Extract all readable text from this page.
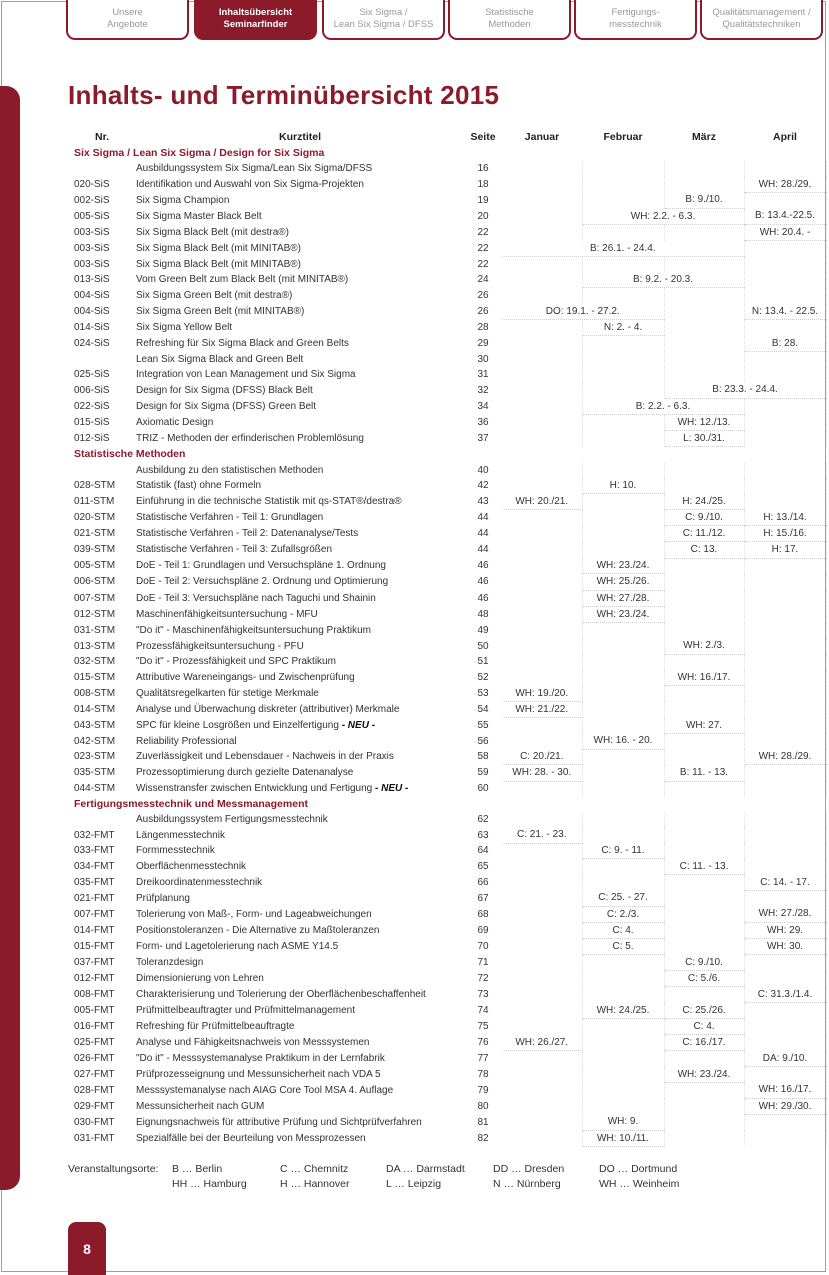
Unsere
Angebote
Inhaltsübersicht
Seminarfinder
Six Sigma /
Lean Six Sigma / DFSS
Statistische
Methoden
Fertigungs-
messtechnik
Qualitätsmanagement /
Qualitätstechniken
Inhalts- und Terminübersicht 2015
Nr.	Kurztitel	Seite	Januar	Februar	März	April
Six Sigma / Lean Six Sigma / Design for Six Sigma						
	Ausbildungssystem Six Sigma/Lean Six Sigma/DFSS	16				
020-SiS	Identifikation und Auswahl von Six Sigma-Projekten	18				WH: 28./29.
002-SiS	Six Sigma Champion	19			B: 9./10.	
005-SiS	Six Sigma Master Black Belt	20		WH: 2.2. - 6.3.		B: 13.4.-22.5.
003-SiS	Six Sigma Black Belt (mit destra®)	22				WH: 20.4. -
003-SiS	Six Sigma Black Belt (mit MINITAB®)	22	B: 26.1. - 24.4.			
003-SiS	Six Sigma Black Belt (mit MINITAB®)	22				
013-SiS	Vom Green Belt zum Black Belt (mit MINITAB®)	24		B: 9.2. - 20.3.		
004-SiS	Six Sigma Green Belt (mit destra®)	26				
004-SiS	Six Sigma Green Belt (mit MINITAB®)	26	DO: 19.1. - 27.2.			N: 13.4. - 22.5.
014-SiS	Six Sigma Yellow Belt	28		N: 2. - 4.		
024-SiS	Refreshing für Six Sigma Black and Green Belts	29				B: 28.
	Lean Six Sigma Black and Green Belt	30				
025-SiS	Integration von Lean Management und Six Sigma	31				
006-SiS	Design for Six Sigma (DFSS) Black Belt	32			B: 23.3. - 24.4.	
022-SiS	Design for Six Sigma (DFSS) Green Belt	34		B: 2.2. - 6.3.		
015-SiS	Axiomatic Design	36			WH: 12./13.	
012-SiS	TRIZ - Methoden der erfinderischen Problemlösung	37			L: 30./31.	
Statistische Methoden						
	Ausbildung zu den statistischen Methoden	40				
028-STM	Statistik (fast) ohne Formeln	42		H: 10.		
011-STM	Einführung in die technische Statistik mit qs-STAT®/destra®	43	WH: 20./21.		H: 24./25.	
020-STM	Statistische Verfahren - Teil 1: Grundlagen	44			C: 9./10.	H: 13./14.
021-STM	Statistische Verfahren - Teil 2: Datenanalyse/Tests	44			C: 11./12.	H: 15./16.
039-STM	Statistische Verfahren - Teil 3: Zufallsgrößen	44			C: 13.	H: 17.
005-STM	DoE - Teil 1: Grundlagen und Versuchspläne 1. Ordnung	46		WH: 23./24.		
006-STM	DoE - Teil 2: Versuchspläne 2. Ordnung und Optimierung	46		WH: 25./26.		
007-STM	DoE - Teil 3: Versuchspläne nach Taguchi und Shainin	46		WH: 27./28.		
012-STM	Maschinenfähigkeitsuntersuchung - MFU	48		WH: 23./24.		
031-STM	"Do it" - Maschinenfähigkeitsuntersuchung Praktikum	49				
013-STM	Prozessfähigkeitsuntersuchung - PFU	50			WH: 2./3.	
032-STM	"Do it" - Prozessfähigkeit und SPC Praktikum	51				
015-STM	Attributive Wareneingangs- und Zwischenprüfung	52			WH: 16./17.	
008-STM	Qualitätsregelkarten für stetige Merkmale	53	WH: 19./20.			
014-STM	Analyse und Überwachung diskreter (attributiver) Merkmale	54	WH: 21./22.			
043-STM	SPC für kleine Losgrößen und Einzelfertigung - NEU -	55			WH: 27.	
042-STM	Reliability Professional	56		WH: 16. - 20.		
023-STM	Zuverlässigkeit und Lebensdauer - Nachweis in der Praxis	58	C: 20./21.			WH: 28./29.
035-STM	Prozessoptimierung durch gezielte Datenanalyse	59	WH: 28. - 30.		B: 11. - 13.	
044-STM	Wissenstransfer zwischen Entwicklung und Fertigung - NEU -	60				
Fertigungsmesstechnik und Messmanagement						
	Ausbildungssystem Fertigungsmesstechnik	62				
032-FMT	Längenmesstechnik	63	C: 21. - 23.			
033-FMT	Formmesstechnik	64		C: 9. - 11.		
034-FMT	Oberflächenmesstechnik	65			C: 11. - 13.	
035-FMT	Dreikoordinatenmesstechnik	66				C: 14. - 17.
021-FMT	Prüfplanung	67		C: 25. - 27.		
007-FMT	Tolerierung von Maß-, Form- und Lageabweichungen	68		C: 2./3.		WH: 27./28.
014-FMT	Positionstoleranzen - Die Alternative zu Maßtoleranzen	69		C: 4.		WH: 29.
015-FMT	Form- und Lagetolerierung nach ASME Y14.5	70		C: 5.		WH: 30.
037-FMT	Toleranzdesign	71			C: 9./10.	
012-FMT	Dimensionierung von Lehren	72			C: 5./6.	
008-FMT	Charakterisierung und Tolerierung der Oberflächenbeschaffenheit	73				C: 31.3./1.4.
005-FMT	Prüfmittelbeauftragter und Prüfmittelmanagement	74		WH: 24./25.	C: 25./26.	
016-FMT	Refreshing für Prüfmittelbeauftragte	75			C: 4.	
025-FMT	Analyse und Fähigkeitsnachweis von Messsystemen	76	WH: 26./27.		C: 16./17.	
026-FMT	"Do it" - Messsystemanalyse Praktikum in der Lernfabrik	77				DA: 9./10.
027-FMT	Prüfprozesseignung und Messunsicherheit nach VDA 5	78			WH: 23./24.	
028-FMT	Messsystemanalyse nach AIAG Core Tool MSA 4. Auflage	79				WH: 16./17.
029-FMT	Messunsicherheit nach GUM	80				WH: 29./30.
030-FMT	Eignungsnachweis für attributive Prüfung und Sichtprüfverfahren	81		WH: 9.		
031-FMT	Spezialfälle bei der Beurteilung von Messprozessen	82		WH: 10./11.		
Veranstaltungsorte: B … Berlin	C … Chemnitz	DA … Darmstadt	DD … Dresden	DO … Dortmund
HH … Hamburg	H … Hannover	L … Leipzig	N … Nürnberg	WH … Weinheim
8
